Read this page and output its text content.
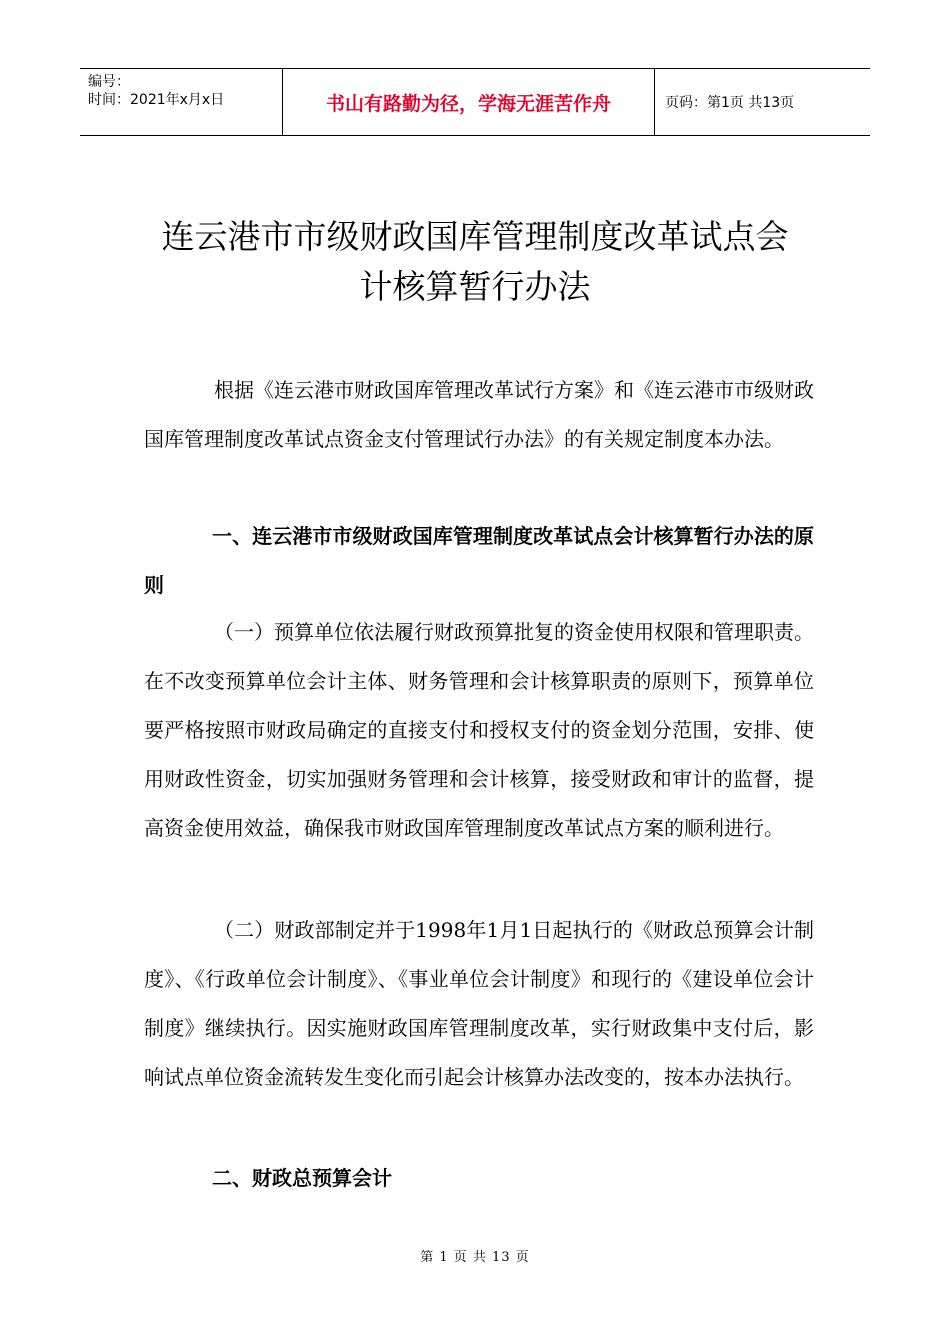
编号：
时间：2021年x月x日	书山有路勤为径，学海无涯苦作舟	页码：第1页 共13页
连云港市市级财政国库管理制度改革试点会
计核算暂行办法

根据《连云港市财政国库管理改革试行方案》和《连云港市市级财政国库管理制度改革试点资金支付管理试行办法》的有关规定制度本办法。

一、连云港市市级财政国库管理制度改革试点会计核算暂行办法的原则

（一）预算单位依法履行财政预算批复的资金使用权限和管理职责。在不改变预算单位会计主体、财务管理和会计核算职责的原则下，预算单位要严格按照市财政局确定的直接支付和授权支付的资金划分范围，安排、使用财政性资金，切实加强财务管理和会计核算，接受财政和审计的监督，提高资金使用效益，确保我市财政国库管理制度改革试点方案的顺利进行。

（二）财政部制定并于1998年1月1日起执行的《财政总预算会计制度》、《行政单位会计制度》、《事业单位会计制度》和现行的《建设单位会计制度》继续执行。因实施财政国库管理制度改革，实行财政集中支付后，影响试点单位资金流转发生变化而引起会计核算办法改变的，按本办法执行。

二、财政总预算会计

第 1 页 共 13 页
